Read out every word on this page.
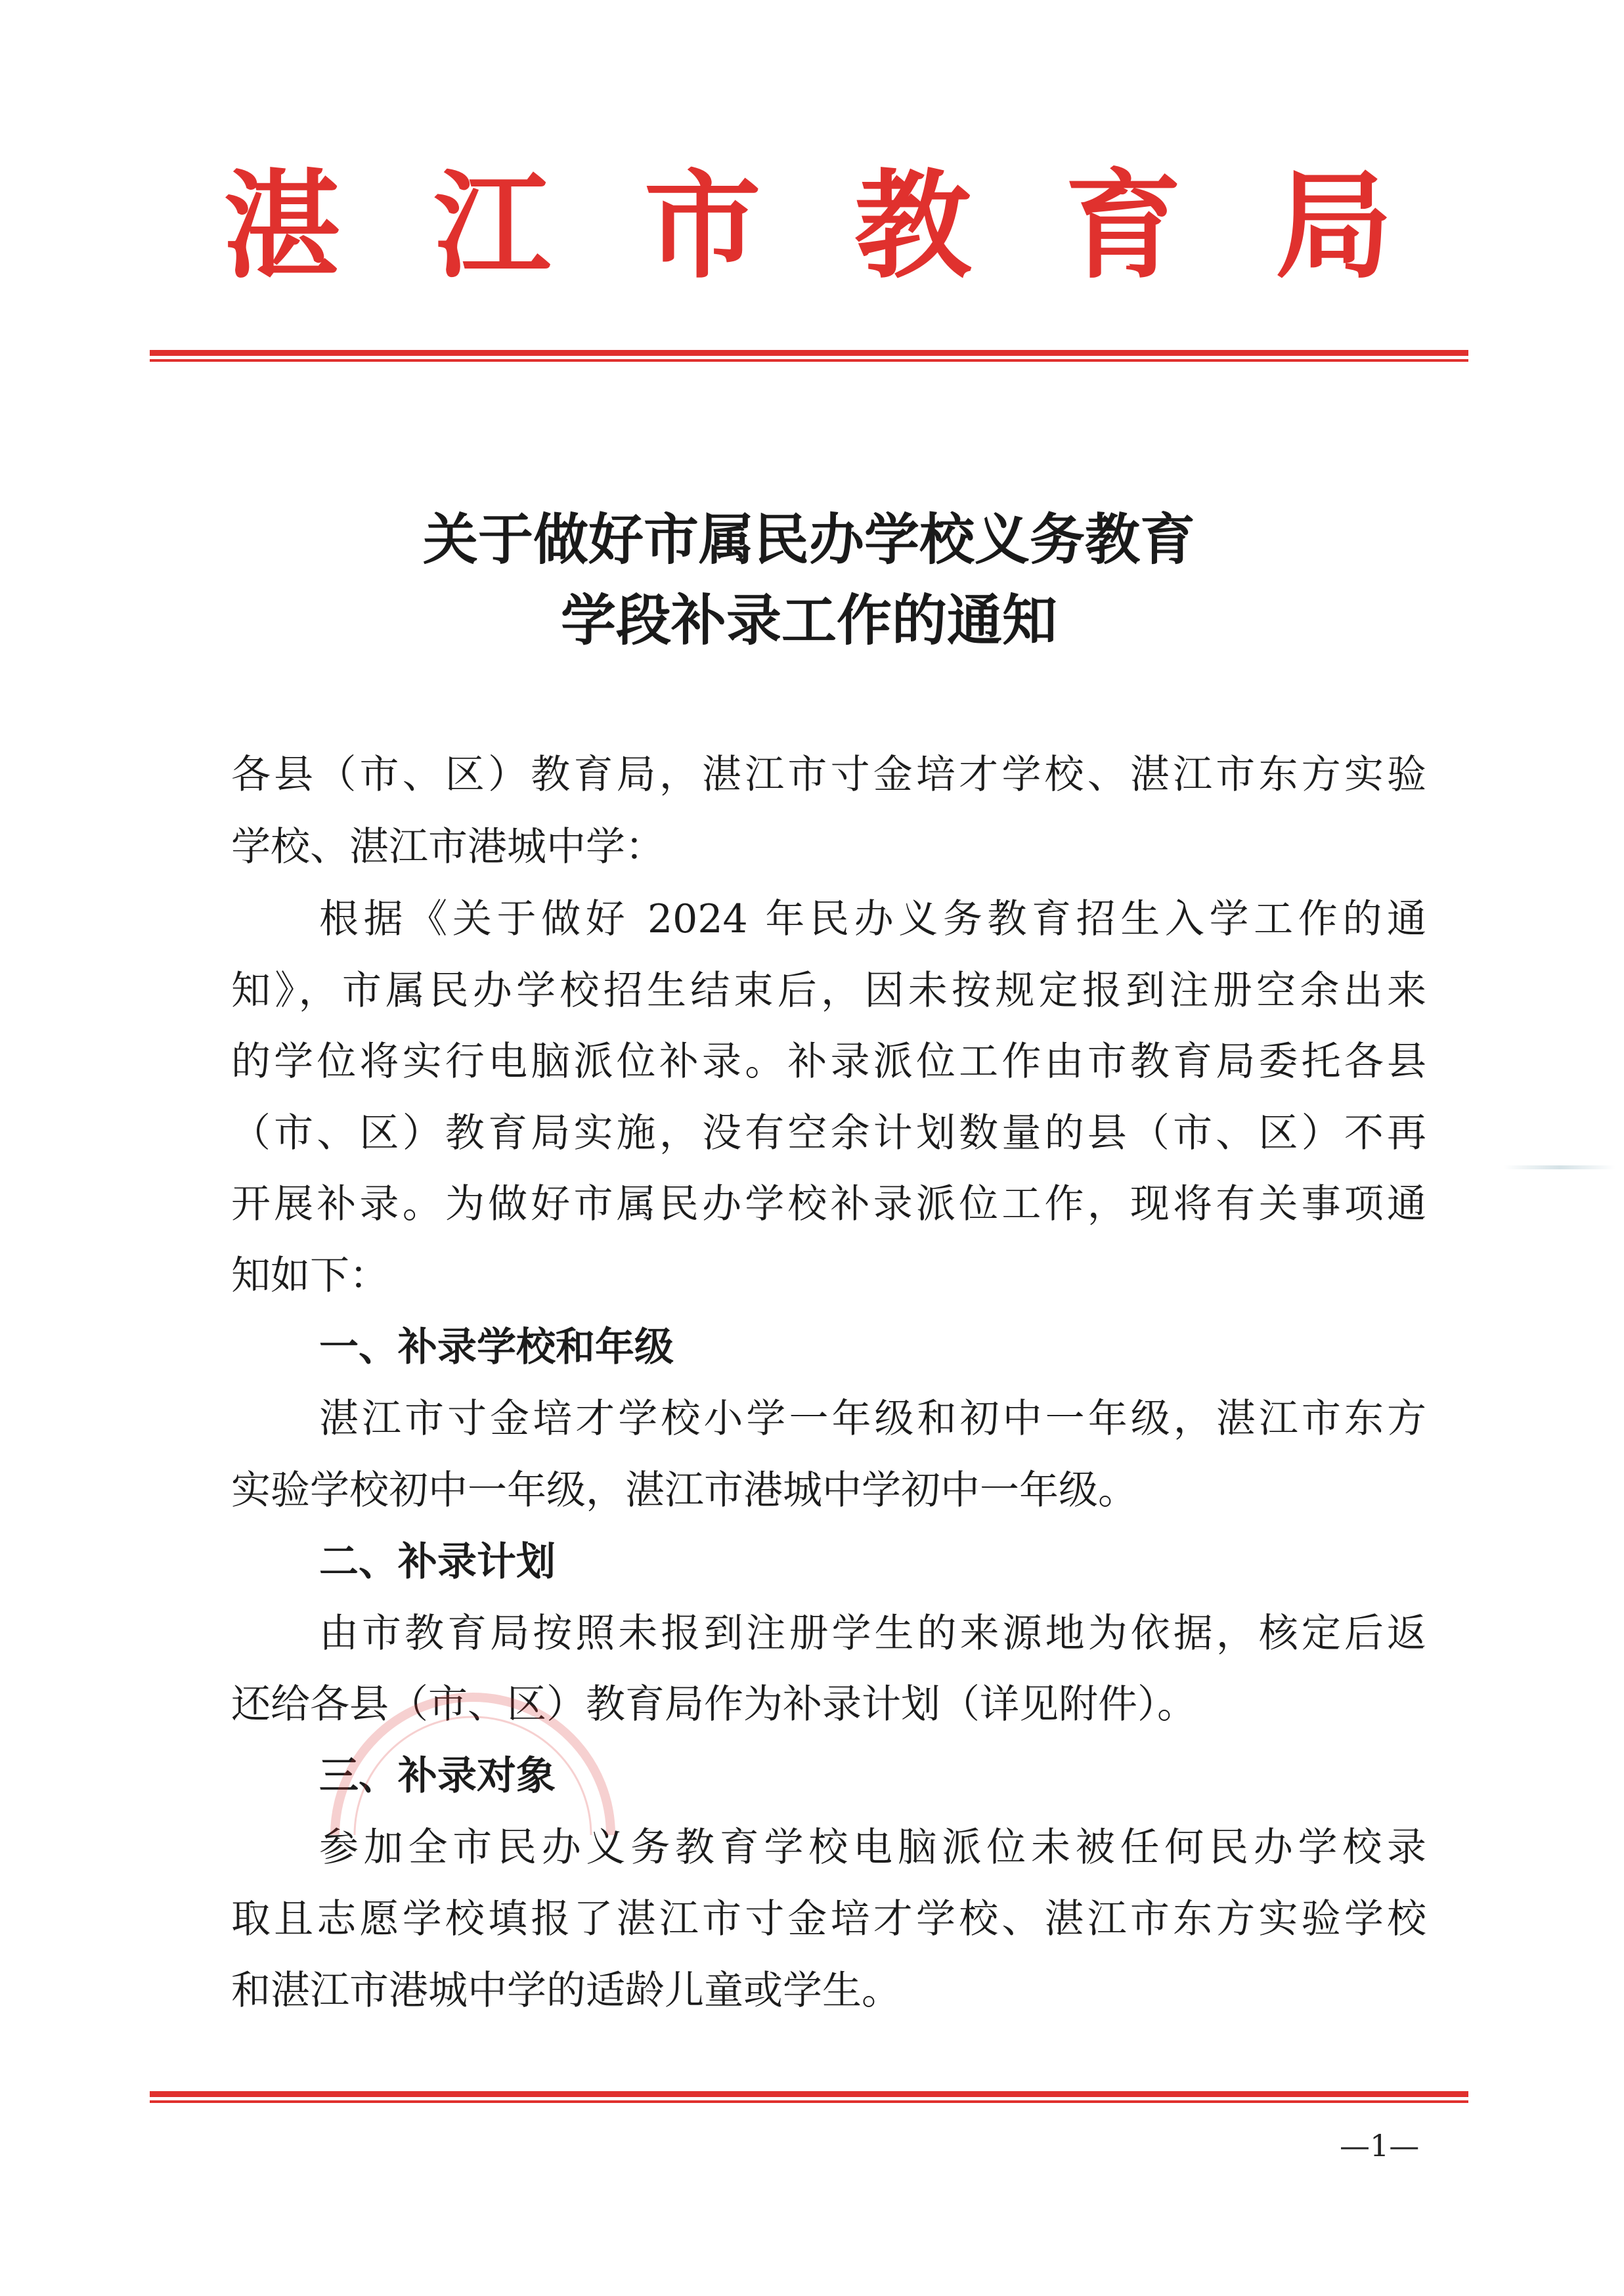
湛 江 市 教 育 局
关于做好市属民办学校义务教育
学段补录工作的通知
各县（市、区）教育局，湛江市寸金培才学校、湛江市东方实验
学校、湛江市港城中学：
根据《关于做好 2024 年民办义务教育招生入学工作的通
知》，市属民办学校招生结束后，因未按规定报到注册空余出来
的学位将实行电脑派位补录。补录派位工作由市教育局委托各县
（市、区）教育局实施，没有空余计划数量的县（市、区）不再
开展补录。为做好市属民办学校补录派位工作，现将有关事项通
知如下：
一、补录学校和年级
湛江市寸金培才学校小学一年级和初中一年级，湛江市东方
实验学校初中一年级，湛江市港城中学初中一年级。
二、补录计划
由市教育局按照未报到注册学生的来源地为依据，核定后返
还给各县（市、区）教育局作为补录计划（详见附件）。
三、补录对象
参加全市民办义务教育学校电脑派位未被任何民办学校录
取且志愿学校填报了湛江市寸金培才学校、湛江市东方实验学校
和湛江市港城中学的适龄儿童或学生。
—1—
